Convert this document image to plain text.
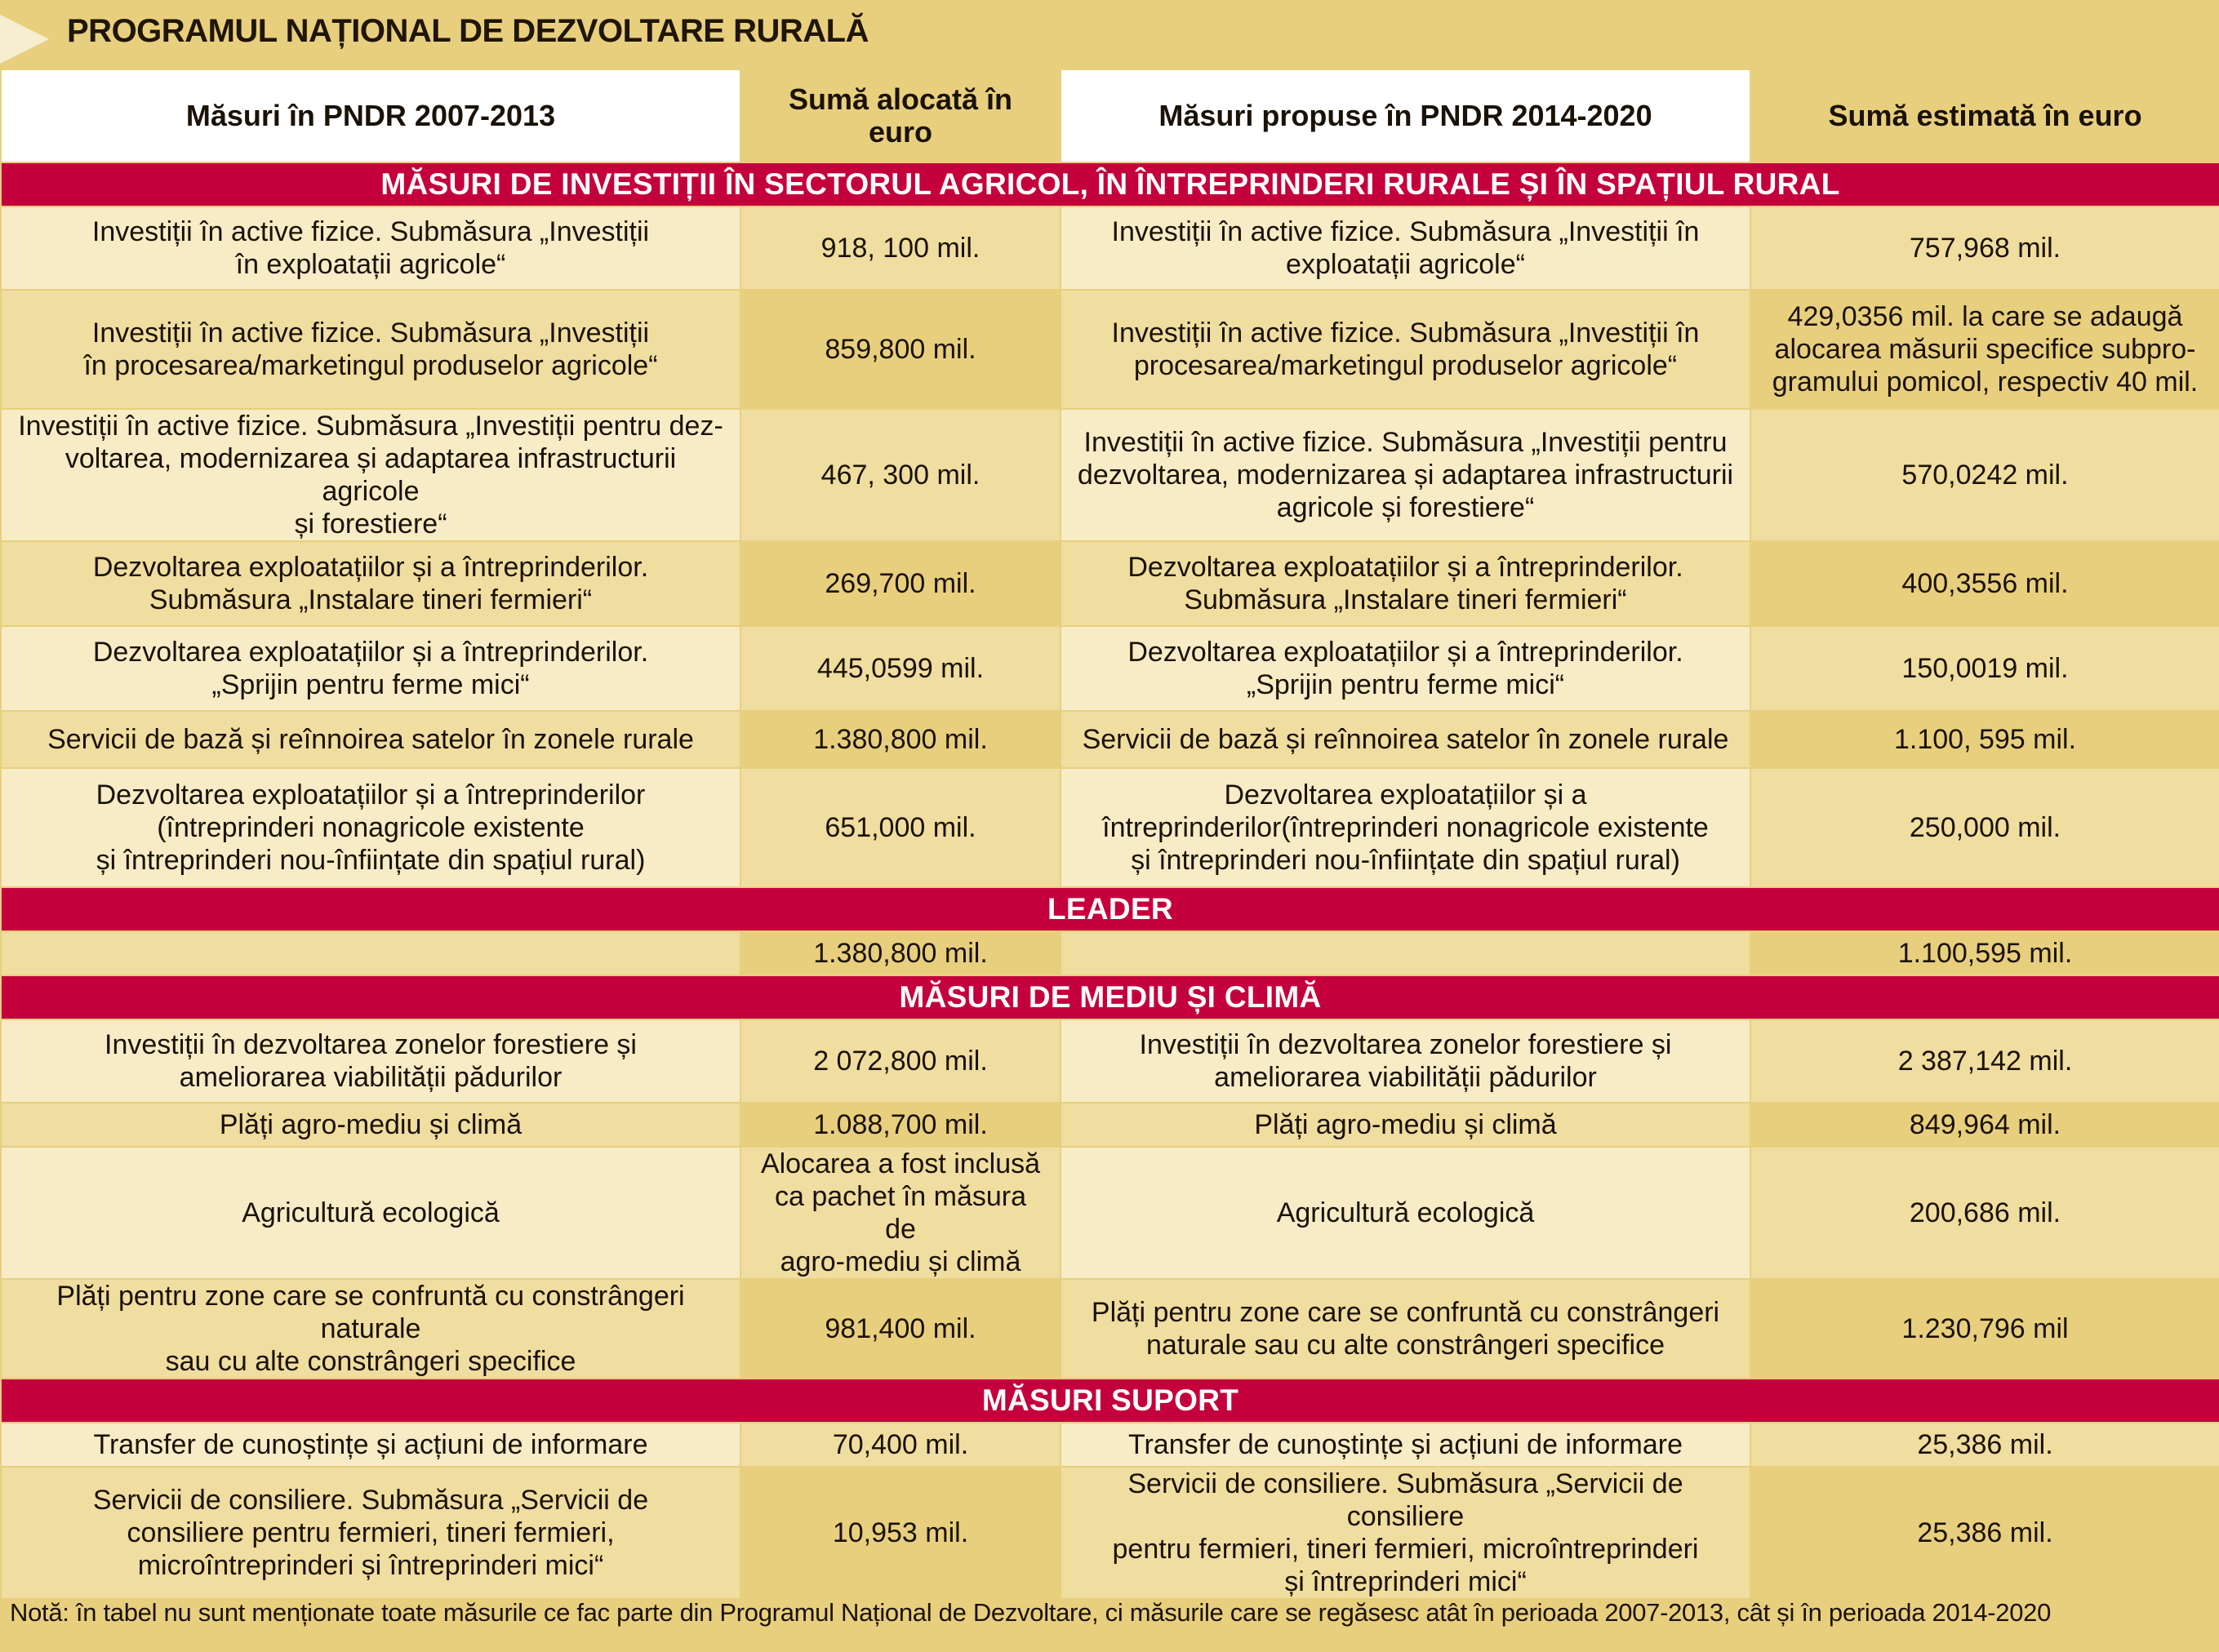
PROGRAMUL NAȚIONAL DE DEZVOLTARE RURALĂ
Măsuri în PNDR 2007-2013	Sumă alocată în euro	Măsuri propuse în PNDR 2014-2020	Sumă estimată în euro
MĂSURI DE INVESTIȚII ÎN SECTORUL AGRICOL, ÎN ÎNTREPRINDERI RURALE ȘI ÎN SPAȚIUL RURAL			
Investiții în active fizice. Submăsura „Investiții
în exploatații agricole“	918, 100 mil.	Investiții în active fizice. Submăsura „Investiții în
exploatații agricole“	757,968 mil.
Investiții în active fizice. Submăsura „Investiții
în procesarea/marketingul produselor agricole“	859,800 mil.	Investiții în active fizice. Submăsura „Investiții în
procesarea/marketingul produselor agricole“	429,0356 mil. la care se adaugă
alocarea măsurii specifice subpro-
gramului pomicol, respectiv 40 mil.
Investiții în active fizice. Submăsura „Investiții pentru dez-
voltarea, modernizarea și adaptarea infrastructurii agricole
și forestiere“	467, 300 mil.	Investiții în active fizice. Submăsura „Investiții pentru
dezvoltarea, modernizarea și adaptarea infrastructurii
agricole și forestiere“	570,0242 mil.
Dezvoltarea exploatațiilor și a întreprinderilor.
Submăsura „Instalare tineri fermieri“	269,700 mil.	Dezvoltarea exploatațiilor și a întreprinderilor.
Submăsura „Instalare tineri fermieri“	400,3556 mil.
Dezvoltarea exploatațiilor și a întreprinderilor.
„Sprijin pentru ferme mici“	445,0599 mil.	Dezvoltarea exploatațiilor și a întreprinderilor.
„Sprijin pentru ferme mici“	150,0019 mil.
Servicii de bază și reînnoirea satelor în zonele rurale	1.380,800 mil.	Servicii de bază și reînnoirea satelor în zonele rurale	1.100, 595 mil.
Dezvoltarea exploatațiilor și a întreprinderilor
(întreprinderi nonagricole existente
și întreprinderi nou-înființate din spațiul rural)	651,000 mil.	Dezvoltarea exploatațiilor și a
întreprinderilor(întreprinderi nonagricole existente
și întreprinderi nou-înființate din spațiul rural)	250,000 mil.
LEADER			
	1.380,800 mil.		1.100,595 mil.
MĂSURI DE MEDIU ȘI CLIMĂ			
Investiții în dezvoltarea zonelor forestiere și
ameliorarea viabilității pădurilor	2 072,800 mil.	Investiții în dezvoltarea zonelor forestiere și
ameliorarea viabilității pădurilor	2 387,142 mil.
Plăți agro-mediu și climă	1.088,700 mil.	Plăți agro-mediu și climă	849,964 mil.
Agricultură ecologică	Alocarea a fost inclusă
ca pachet în măsura de
agro-mediu și climă	Agricultură ecologică	200,686 mil.
Plăți pentru zone care se confruntă cu constrângeri naturale
sau cu alte constrângeri specifice	981,400 mil.	Plăți pentru zone care se confruntă cu constrângeri
naturale sau cu alte constrângeri specifice	1.230,796 mil
MĂSURI SUPORT			
Transfer de cunoștințe și acțiuni de informare	70,400 mil.	Transfer de cunoștințe și acțiuni de informare	25,386 mil.
Servicii de consiliere. Submăsura „Servicii de
consiliere pentru fermieri, tineri fermieri,
microîntreprinderi și întreprinderi mici“	10,953 mil.	Servicii de consiliere. Submăsura „Servicii de consiliere
pentru fermieri, tineri fermieri, microîntreprinderi
și întreprinderi mici“	25,386 mil.
Notă: în tabel nu sunt menționate toate măsurile ce fac parte din Programul Național de Dezvoltare, ci măsurile care se regăsesc atât în perioada 2007-2013, cât și în perioada 2014-2020
